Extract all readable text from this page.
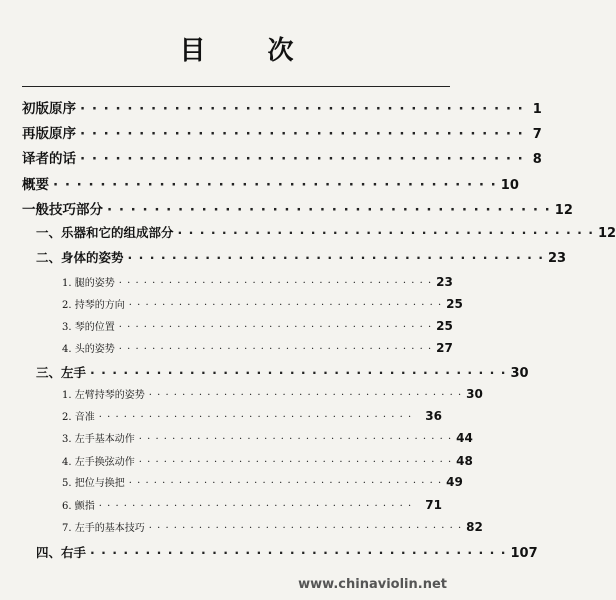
目 次
初版原序 · · · · · · · · · · · · · · · · · · · · · · · · · · · · · · · · · · · · · · 1
再版原序 · · · · · · · · · · · · · · · · · · · · · · · · · · · · · · · · · · · · · · 7
译者的话 · · · · · · · · · · · · · · · · · · · · · · · · · · · · · · · · · · · · · · 8
概要 · · · · · · · · · · · · · · · · · · · · · · · · · · · · · · · · · · · · · · 10
一般技巧部分 · · · · · · · · · · · · · · · · · · · · · · · · · · · · · · · · · · · · · · 12
一、乐器和它的组成部分 · · · · · · · · · · · · · · · · · · · · · · · · · · · · · · · · · · · · · · 12
二、身体的姿势 · · · · · · · · · · · · · · · · · · · · · · · · · · · · · · · · · · · · · · 23
1. 腿的姿势 · · · · · · · · · · · · · · · · · · · · · · · · · · · · · · · · · · · · · · 23
2. 持琴的方向 · · · · · · · · · · · · · · · · · · · · · · · · · · · · · · · · · · · · · · 25
3. 琴的位置 · · · · · · · · · · · · · · · · · · · · · · · · · · · · · · · · · · · · · · 25
4. 头的姿势 · · · · · · · · · · · · · · · · · · · · · · · · · · · · · · · · · · · · · · 27
三、左手 · · · · · · · · · · · · · · · · · · · · · · · · · · · · · · · · · · · · · · 30
1. 左臂持琴的姿势 · · · · · · · · · · · · · · · · · · · · · · · · · · · · · · · · · · · · · · 30
2. 音准 · · · · · · · · · · · · · · · · · · · · · · · · · · · · · · · · · · · · · ·	36
3. 左手基本动作 · · · · · · · · · · · · · · · · · · · · · · · · · · · · · · · · · · · · · · 44
4. 左手换弦动作 · · · · · · · · · · · · · · · · · · · · · · · · · · · · · · · · · · · · · · 48
5. 把位与换把 · · · · · · · · · · · · · · · · · · · · · · · · · · · · · · · · · · · · · · 49
6. 颤指 · · · · · · · · · · · · · · · · · · · · · · · · · · · · · · · · · · · · · ·	71
7. 左手的基本技巧 · · · · · · · · · · · · · · · · · · · · · · · · · · · · · · · · · · · · · · 82
四、右手 · · · · · · · · · · · · · · · · · · · · · · · · · · · · · · · · · · · · · · 107
www.chinaviolin.net
